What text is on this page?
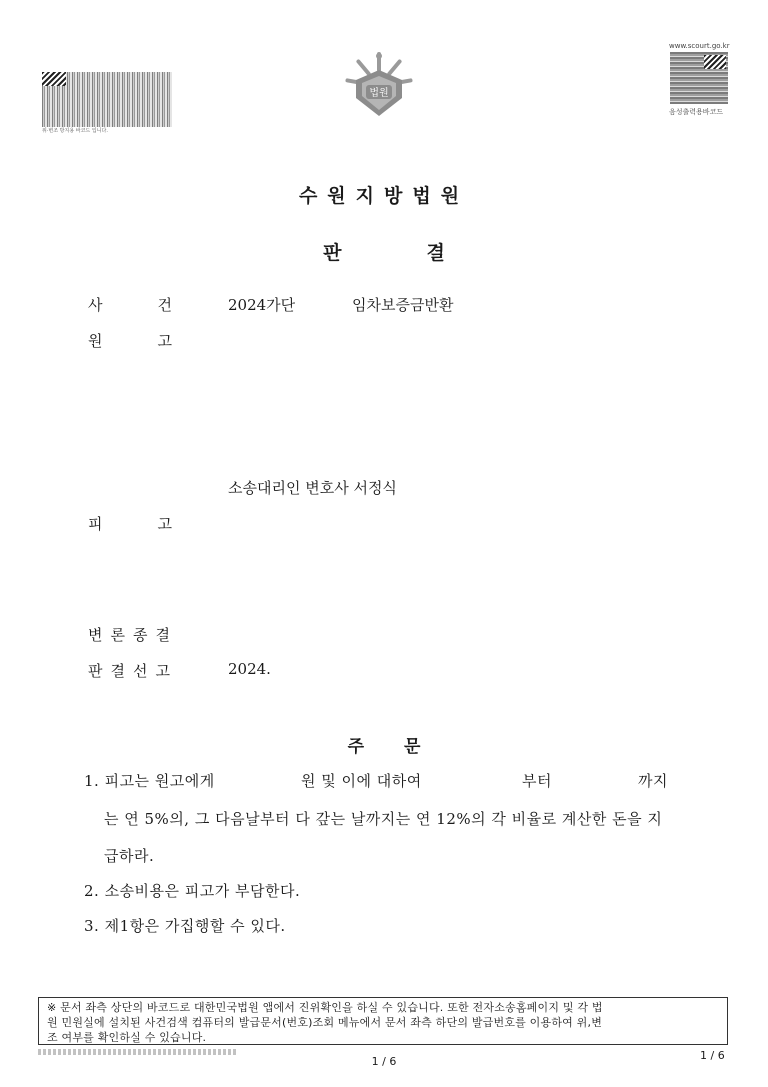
위·변조 방지용 바코드 입니다.
www.scourt.go.kr
음성출력용바코드
법원
수원지방법원
판결
사건 2024가단	임차보증금반환
원고
소송대리인 변호사 서정식
피고
변론종결
판결선고	2024.
주문
1. 피고는 원고에게	원 및 이에 대하여	부터	까지
는 연 5%의, 그 다음날부터 다 갚는 날까지는 연 12%의 각 비율로 계산한 돈을 지
급하라.
2. 소송비용은 피고가 부담한다.
3. 제1항은 가집행할 수 있다.
※ 문서 좌측 상단의 바코드로 대한민국법원 앱에서 진위확인을 하실 수 있습니다. 또한 전자소송홈페이지 및 각 법
원 민원실에 설치된 사건검색 컴퓨터의 발급문서(번호)조회 메뉴에서 문서 좌측 하단의 발급번호를 이용하여 위,변
조 여부를 확인하실 수 있습니다.
1 / 6	1 / 6
